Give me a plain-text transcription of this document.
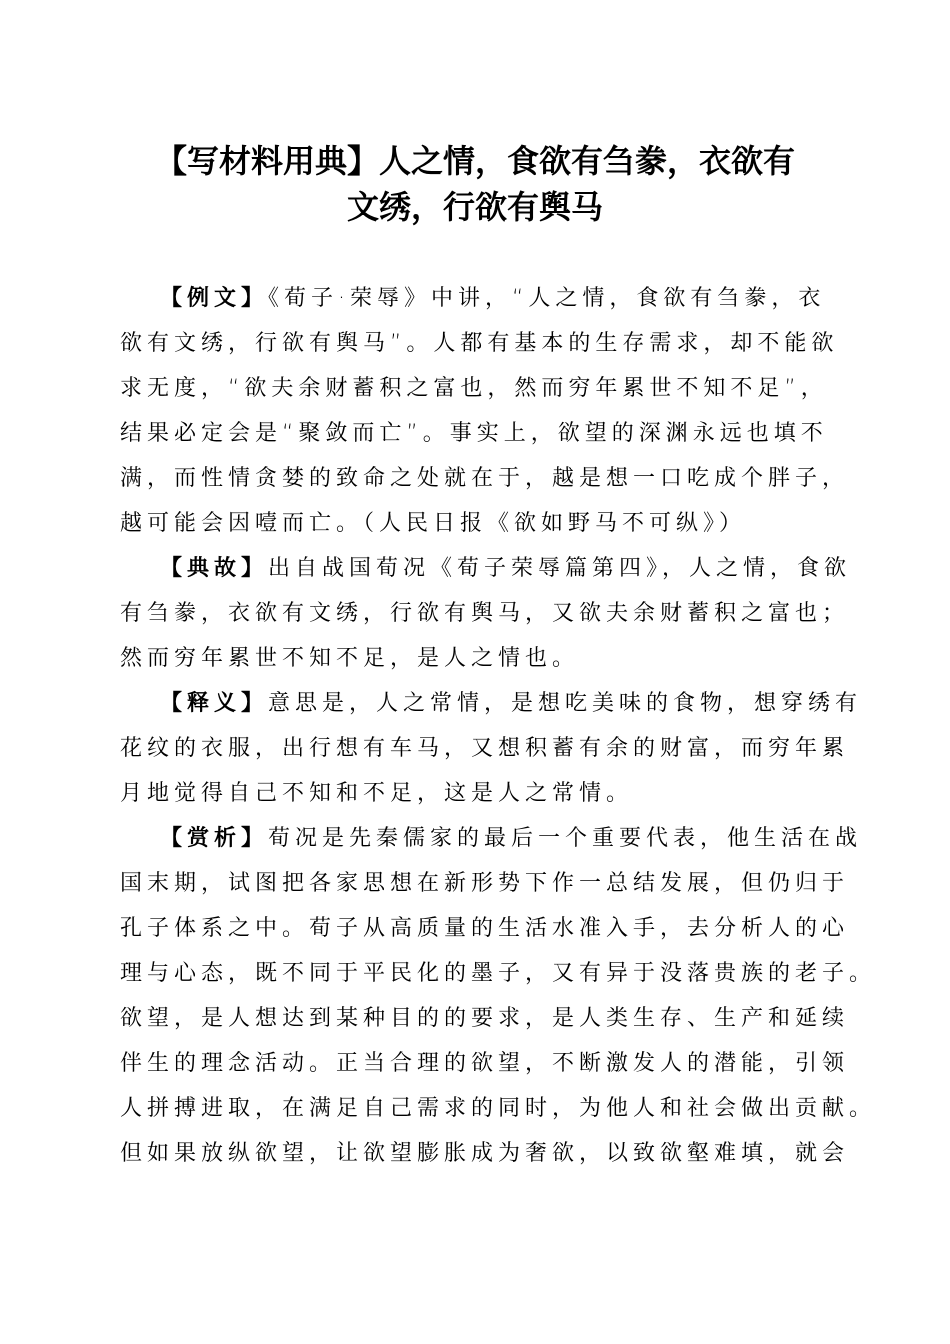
【写材料用典】人之情，食欲有刍豢，衣欲有
文绣，行欲有舆马
【例文】《荀子·荣辱》中讲，“人之情，食欲有刍豢，衣
欲有文绣，行欲有舆马”。人都有基本的生存需求，却不能欲
求无度，“欲夫余财蓄积之富也，然而穷年累世不知不足”，
结果必定会是“聚敛而亡”。事实上，欲望的深渊永远也填不
满，而性情贪婪的致命之处就在于，越是想一口吃成个胖子，
越可能会因噎而亡。（人民日报《欲如野马不可纵》）
【典故】出自战国荀况《荀子荣辱篇第四》，人之情，食欲
有刍豢，衣欲有文绣，行欲有舆马，又欲夫余财蓄积之富也；
然而穷年累世不知不足，是人之情也。
【释义】意思是，人之常情，是想吃美味的食物，想穿绣有
花纹的衣服，出行想有车马，又想积蓄有余的财富，而穷年累
月地觉得自己不知和不足，这是人之常情。
【赏析】荀况是先秦儒家的最后一个重要代表，他生活在战
国末期，试图把各家思想在新形势下作一总结发展，但仍归于
孔子体系之中。荀子从高质量的生活水准入手，去分析人的心
理与心态，既不同于平民化的墨子，又有异于没落贵族的老子。
欲望，是人想达到某种目的的要求，是人类生存、生产和延续
伴生的理念活动。正当合理的欲望，不断激发人的潜能，引领
人拼搏进取，在满足自己需求的同时，为他人和社会做出贡献。
但如果放纵欲望，让欲望膨胀成为奢欲，以致欲壑难填，就会
